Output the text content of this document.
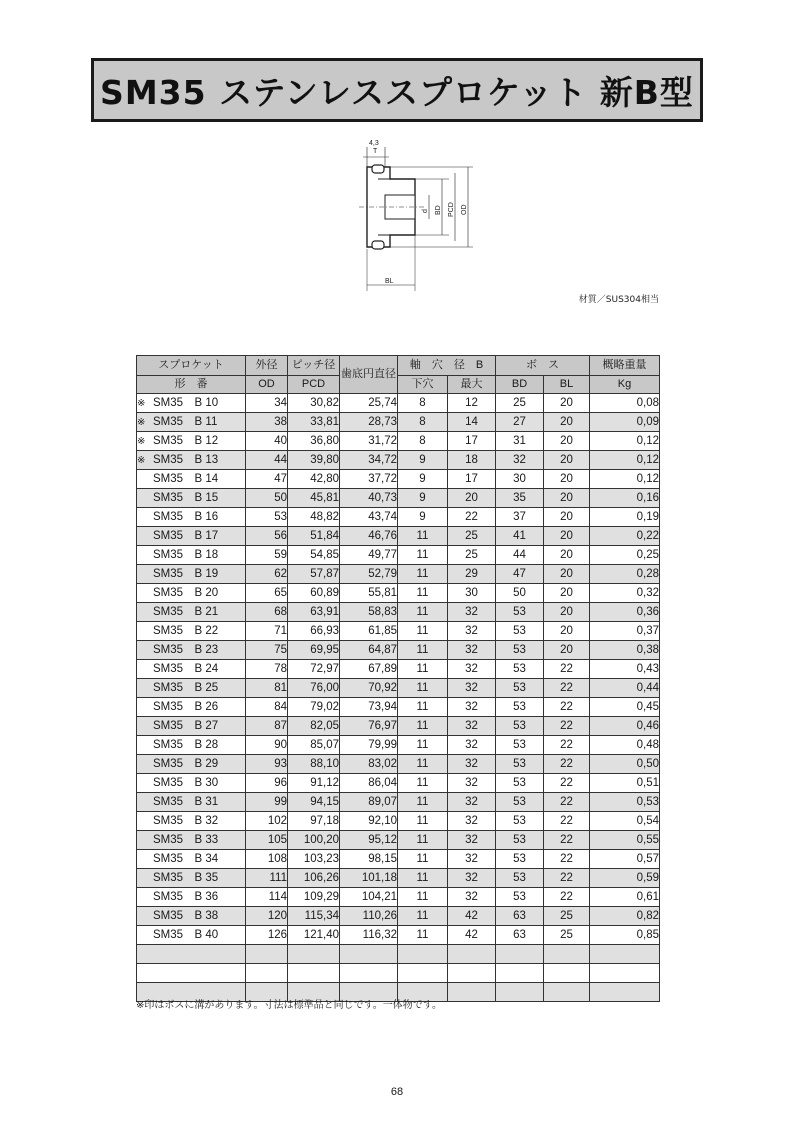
SM35 ステンレススプロケット 新B型
4,3
T
d BD PCD OD
BL
材質／SUS304相当
スプロケット	外径	ピッチ径	歯底円直径	軸　穴　径　B		ボ　ス		概略重量
形　番	OD	PCD		下穴	最大	BD	BL	Kg
※ SM35　B 10	34	30,82	25,74	8	12	25	20	0,08
※ SM35　B 11	38	33,81	28,73	8	14	27	20	0,09
※ SM35　B 12	40	36,80	31,72	8	17	31	20	0,12
※ SM35　B 13	44	39,80	34,72	9	18	32	20	0,12
SM35　B 14	47	42,80	37,72	9	17	30	20	0,12
SM35　B 15	50	45,81	40,73	9	20	35	20	0,16
SM35　B 16	53	48,82	43,74	9	22	37	20	0,19
SM35　B 17	56	51,84	46,76	11	25	41	20	0,22
SM35　B 18	59	54,85	49,77	11	25	44	20	0,25
SM35　B 19	62	57,87	52,79	11	29	47	20	0,28
SM35　B 20	65	60,89	55,81	11	30	50	20	0,32
SM35　B 21	68	63,91	58,83	11	32	53	20	0,36
SM35　B 22	71	66,93	61,85	11	32	53	20	0,37
SM35　B 23	75	69,95	64,87	11	32	53	20	0,38
SM35　B 24	78	72,97	67,89	11	32	53	22	0,43
SM35　B 25	81	76,00	70,92	11	32	53	22	0,44
SM35　B 26	84	79,02	73,94	11	32	53	22	0,45
SM35　B 27	87	82,05	76,97	11	32	53	22	0,46
SM35　B 28	90	85,07	79,99	11	32	53	22	0,48
SM35　B 29	93	88,10	83,02	11	32	53	22	0,50
SM35　B 30	96	91,12	86,04	11	32	53	22	0,51
SM35　B 31	99	94,15	89,07	11	32	53	22	0,53
SM35　B 32	102	97,18	92,10	11	32	53	22	0,54
SM35　B 33	105	100,20	95,12	11	32	53	22	0,55
SM35　B 34	108	103,23	98,15	11	32	53	22	0,57
SM35　B 35	111	106,26	101,18	11	32	53	22	0,59
SM35　B 36	114	109,29	104,21	11	32	53	22	0,61
SM35　B 38	120	115,34	110,26	11	42	63	25	0,82
SM35　B 40	126	121,40	116,32	11	42	63	25	0,85

※印はボスに溝があります。寸法は標準品と同じです。一体物です。
68
